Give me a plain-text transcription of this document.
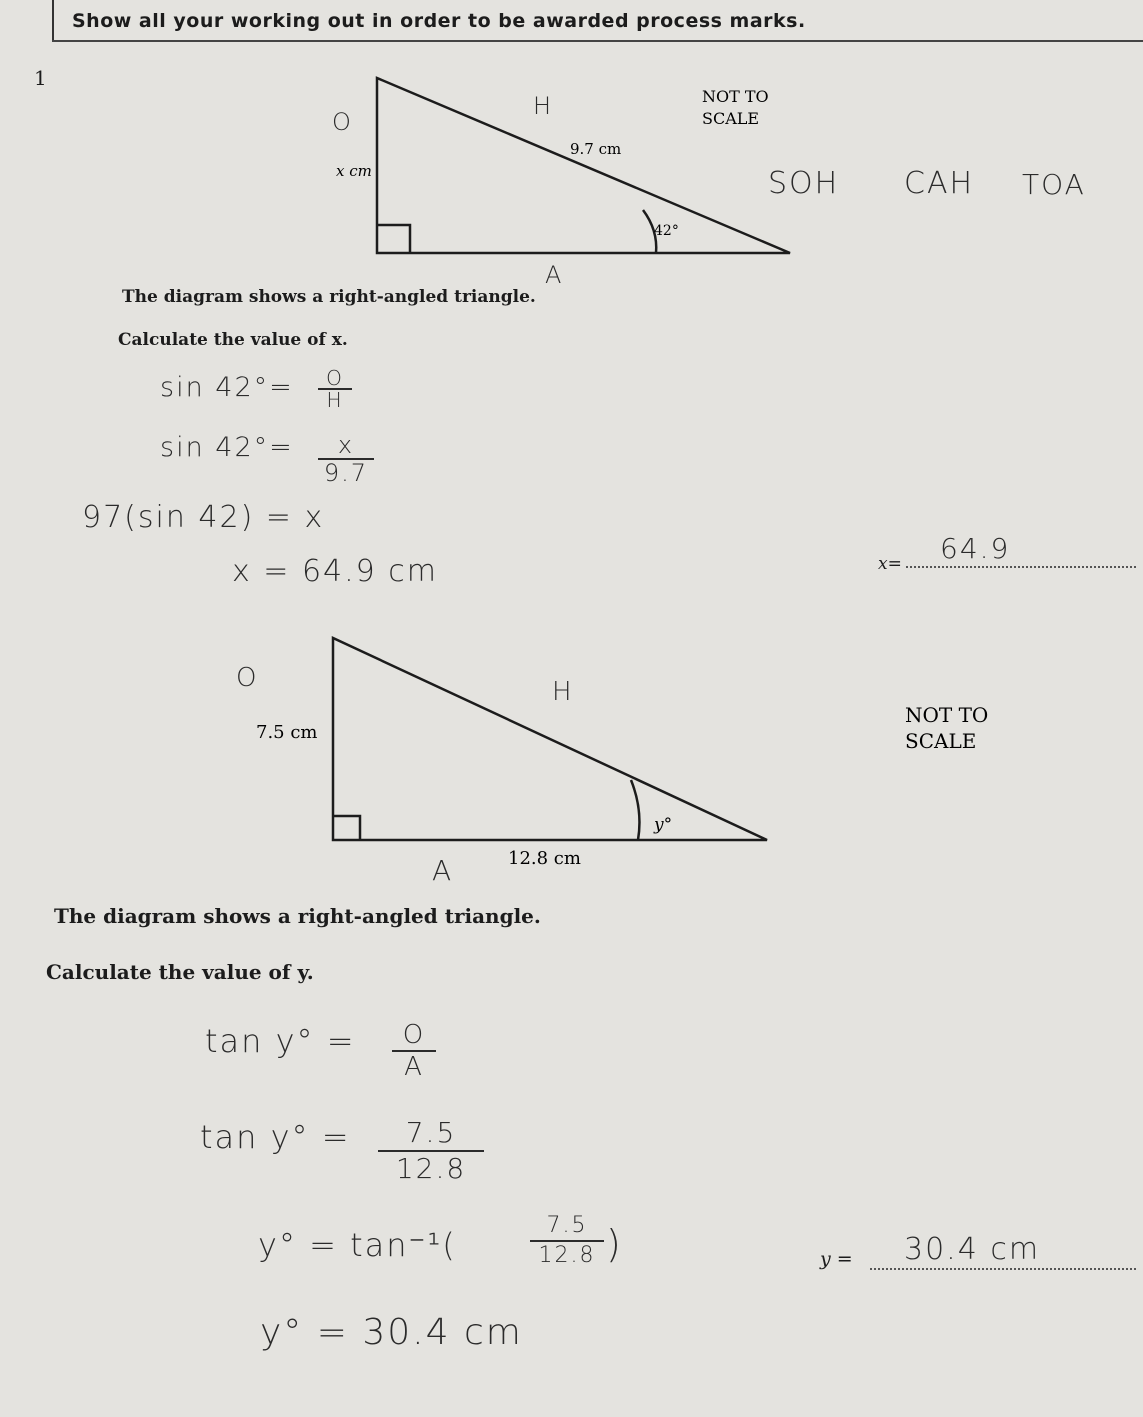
Show all your working out in order to be awarded process marks.
1
9.7 cm
x cm
42°
NOT TO
SCALE
O
H
A
SOH CAH TOA
The diagram shows a right-angled triangle.
Calculate the value of x.
$\sin 42^\circ= \frac{O}{H}$
$\sin 42^\circ= \frac{x}{9.7}$
97(sin 42) = x
x = 64.9 cm	x= 64.9
7.5 cm
12.8 cm
y°
NOT TO
SCALE
O	H
A
The diagram shows a right-angled triangle.
Calculate the value of y.
$\tan y^\circ = \frac{O}{A}$
$\tan y^\circ = \frac{7.5}{12.8}$
y° = tan⁻¹(	$\frac{7.5}{12.8}$ )
y° = 30.4 cm
y = 30.4 cm
